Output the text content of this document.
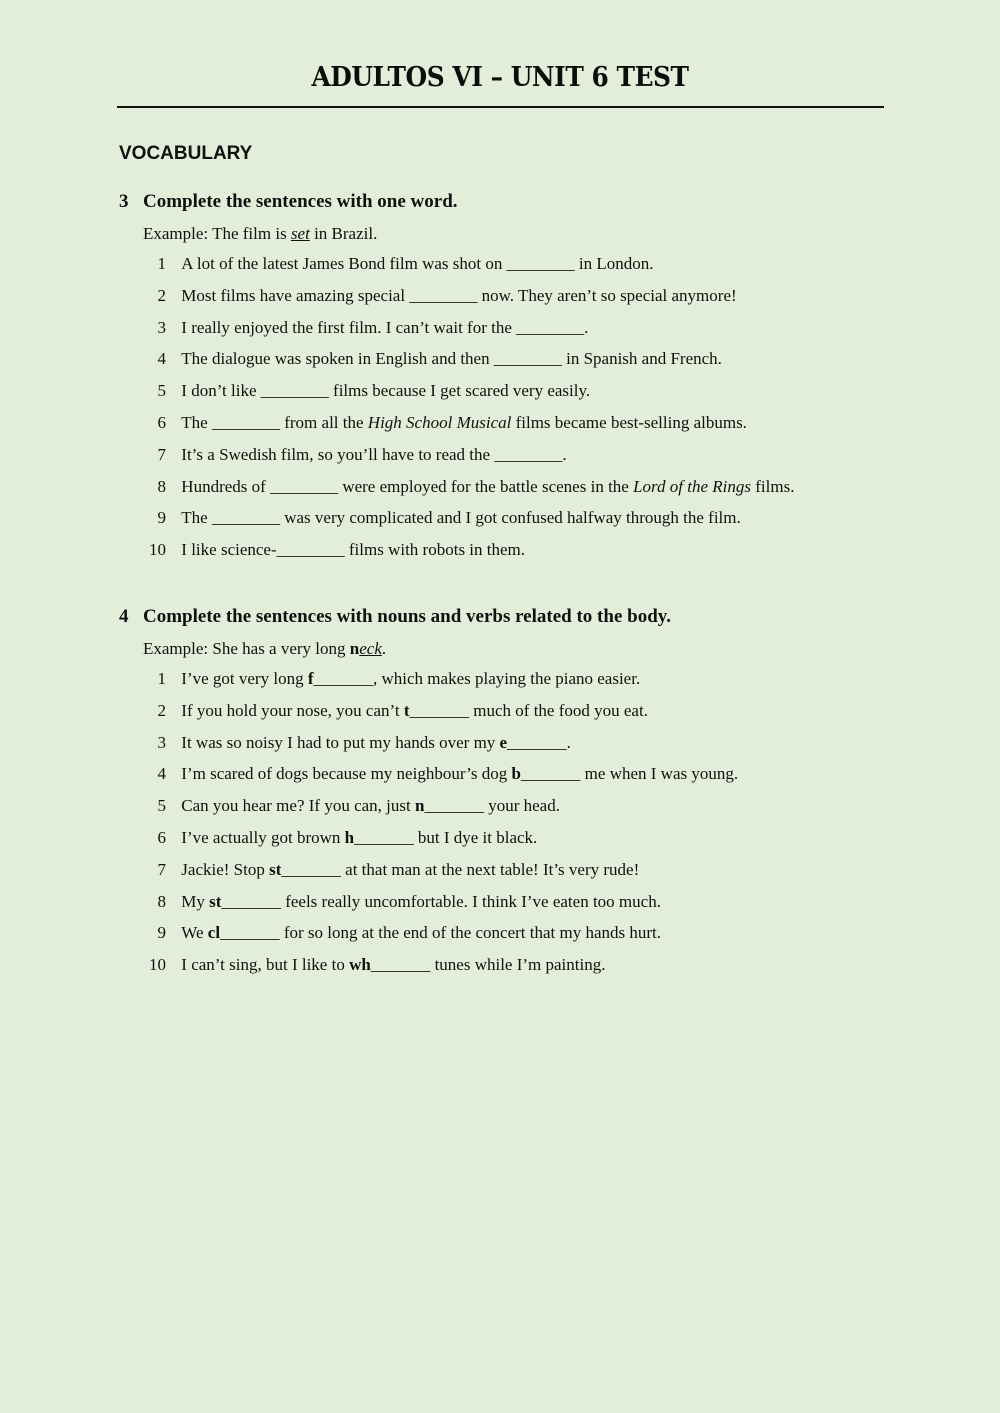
ADULTOS VI – UNIT 6 TEST
VOCABULARY
3 Complete the sentences with one word.
Example: The film is set in Brazil.
1 A lot of the latest James Bond film was shot on ________ in London.
2 Most films have amazing special ________ now. They aren’t so special anymore!
3 I really enjoyed the first film. I can’t wait for the ________.
4 The dialogue was spoken in English and then ________ in Spanish and French.
5 I don’t like ________ films because I get scared very easily.
6 The ________ from all the High School Musical films became best-selling albums.
7 It’s a Swedish film, so you’ll have to read the ________.
8 Hundreds of ________ were employed for the battle scenes in the Lord of the Rings films.
9 The ________ was very complicated and I got confused halfway through the film.
10 I like science-________ films with robots in them.
4 Complete the sentences with nouns and verbs related to the body.
Example: She has a very long neck.
1 I’ve got very long f_______, which makes playing the piano easier.
2 If you hold your nose, you can’t t_______ much of the food you eat.
3 It was so noisy I had to put my hands over my e_______.
4 I’m scared of dogs because my neighbour’s dog b_______ me when I was young.
5 Can you hear me? If you can, just n_______ your head.
6 I’ve actually got brown h_______ but I dye it black.
7 Jackie! Stop st_______ at that man at the next table! It’s very rude!
8 My st_______ feels really uncomfortable. I think I’ve eaten too much.
9 We cl_______ for so long at the end of the concert that my hands hurt.
10 I can’t sing, but I like to wh_______ tunes while I’m painting.
